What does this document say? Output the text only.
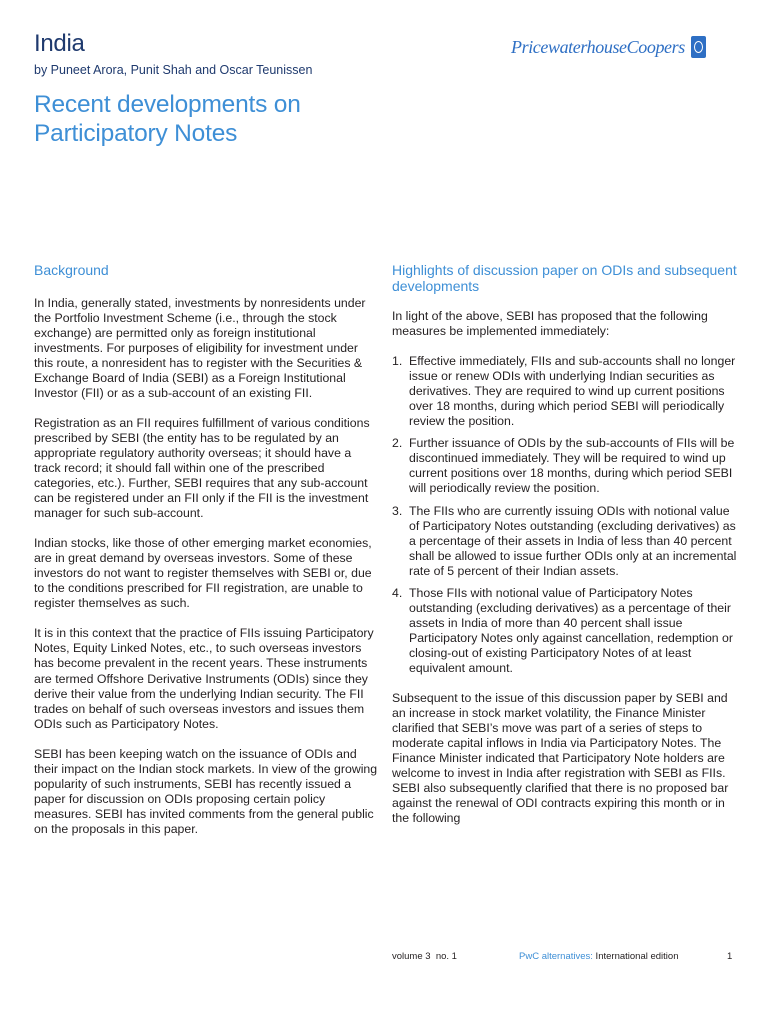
India
by Puneet Arora, Punit Shah and Oscar Teunissen
Recent developments on Participatory Notes
PricewaterhouseCoopers
Background

In India, generally stated, investments by nonresidents under the Portfolio Investment Scheme (i.e., through the stock exchange) are permitted only as foreign institutional investments. For purposes of eligibility for investment under this route, a nonresident has to register with the Securities & Exchange Board of India (SEBI) as a Foreign Institutional Investor (FII) or as a sub-account of an existing FII.

Registration as an FII requires fulfillment of various conditions prescribed by SEBI (the entity has to be regulated by an appropriate regulatory authority overseas; it should have a track record; it should fall within one of the prescribed categories, etc.). Further, SEBI requires that any sub-account can be registered under an FII only if the FII is the investment manager for such sub-account.

Indian stocks, like those of other emerging market economies, are in great demand by overseas investors. Some of these investors do not want to register themselves with SEBI or, due to the conditions prescribed for FII registration, are unable to register themselves as such.

It is in this context that the practice of FIIs issuing Participatory Notes, Equity Linked Notes, etc., to such overseas investors has become prevalent in the recent years. These instruments are termed Offshore Derivative Instruments (ODIs) since they derive their value from the underlying Indian security. The FII trades on behalf of such overseas investors and issues them ODIs such as Participatory Notes.

SEBI has been keeping watch on the issuance of ODIs and their impact on the Indian stock markets. In view of the growing popularity of such instruments, SEBI has recently issued a paper for discussion on ODIs proposing certain policy measures. SEBI has invited comments from the general public on the proposals in this paper.

Highlights of discussion paper on ODIs and subsequent developments

In light of the above, SEBI has proposed that the following measures be implemented immediately:

1. Effective immediately, FIIs and sub-accounts shall no longer issue or renew ODIs with underlying Indian securities as derivatives. They are required to wind up current positions over 18 months, during which period SEBI will periodically review the position.
2. Further issuance of ODIs by the sub-accounts of FIIs will be discontinued immediately. They will be required to wind up current positions over 18 months, during which period SEBI will periodically review the position.
3. The FIIs who are currently issuing ODIs with notional value of Participatory Notes outstanding (excluding derivatives) as a percentage of their assets in India of less than 40 percent shall be allowed to issue further ODIs only at an incremental rate of 5 percent of their Indian assets.
4. Those FIIs with notional value of Participatory Notes outstanding (excluding derivatives) as a percentage of their assets in India of more than 40 percent shall issue Participatory Notes only against cancellation, redemption or closing-out of existing Participatory Notes of at least equivalent amount.

Subsequent to the issue of this discussion paper by SEBI and an increase in stock market volatility, the Finance Minister clarified that SEBI’s move was part of a series of steps to moderate capital inflows in India via Participatory Notes. The Finance Minister indicated that Participatory Note holders are welcome to invest in India after registration with SEBI as FIIs. SEBI also subsequently clarified that there is no proposed bar against the renewal of ODI contracts expiring this month or in the following

volume 3  no. 1	PwC alternatives: International edition	1
